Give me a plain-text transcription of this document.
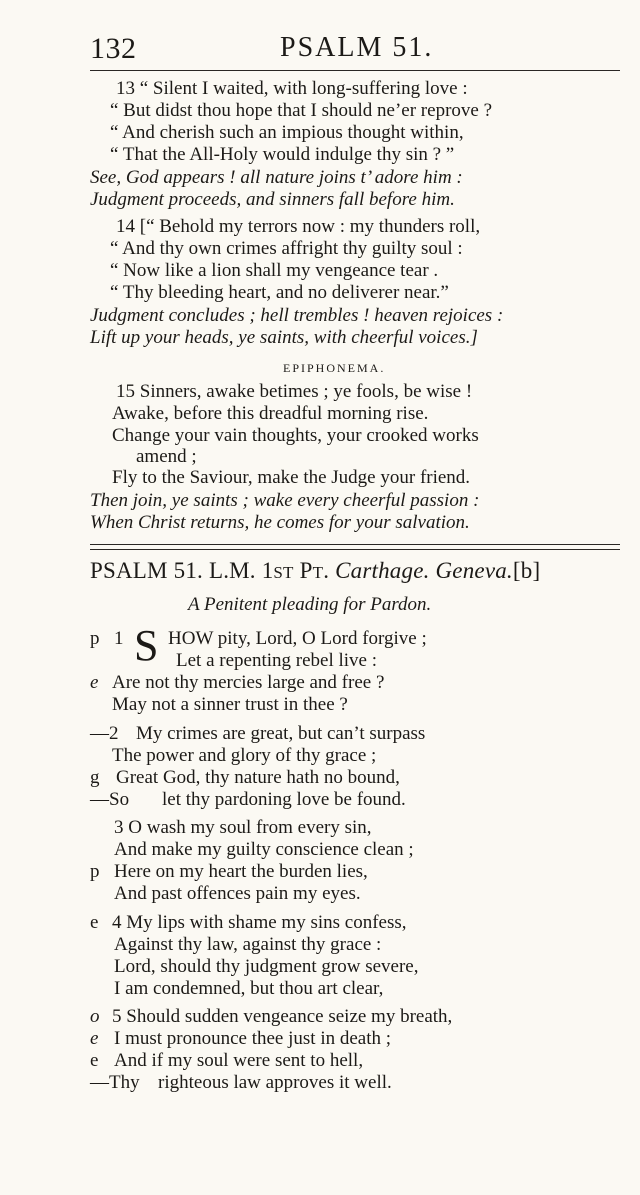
132	PSALM 51.
13 “ Silent I waited, with long-suffering love :
“ But didst thou hope that I should ne’er reprove ?
“ And cherish such an impious thought within,
“ That the All-Holy would indulge thy sin ? ”
See, God appears ! all nature joins t’ adore him :
Judgment proceeds, and sinners fall before him.
14 [“ Behold my terrors now : my thunders roll,
“ And thy own crimes affright thy guilty soul :
“ Now like a lion shall my vengeance tear .
“ Thy bleeding heart, and no deliverer near.”
Judgment concludes ; hell trembles ! heaven rejoices :
Lift up your heads, ye saints, with cheerful voices.]
EPIPHONEMA.
15 Sinners, awake betimes ; ye fools, be wise !
Awake, before this dreadful morning rise.
Change your vain thoughts, your crooked works
amend ;
Fly to the Saviour, make the Judge your friend.
Then join, ye saints ; wake every cheerful passion :
When Christ returns, he comes for your salvation.
PSALM 51. L.M. 1ST PT. Carthage. Geneva.[b]
A Penitent pleading for Pardon.
p 1 S HOW pity, Lord, O Lord forgive ;
Let a repenting rebel live :
e Are not thy mercies large and free ?
May not a sinner trust in thee ?
—2 My crimes are great, but can’t surpass
The power and glory of thy grace ;
g Great God, thy nature hath no bound,
—So let thy pardoning love be found.
3 O wash my soul from every sin,
And make my guilty conscience clean ;
p Here on my heart the burden lies,
And past offences pain my eyes.
e 4 My lips with shame my sins confess,
Against thy law, against thy grace :
Lord, should thy judgment grow severe,
I am condemned, but thou art clear,
o 5 Should sudden vengeance seize my breath,
e I must pronounce thee just in death ;
e And if my soul were sent to hell,
—Thy righteous law approves it well.
